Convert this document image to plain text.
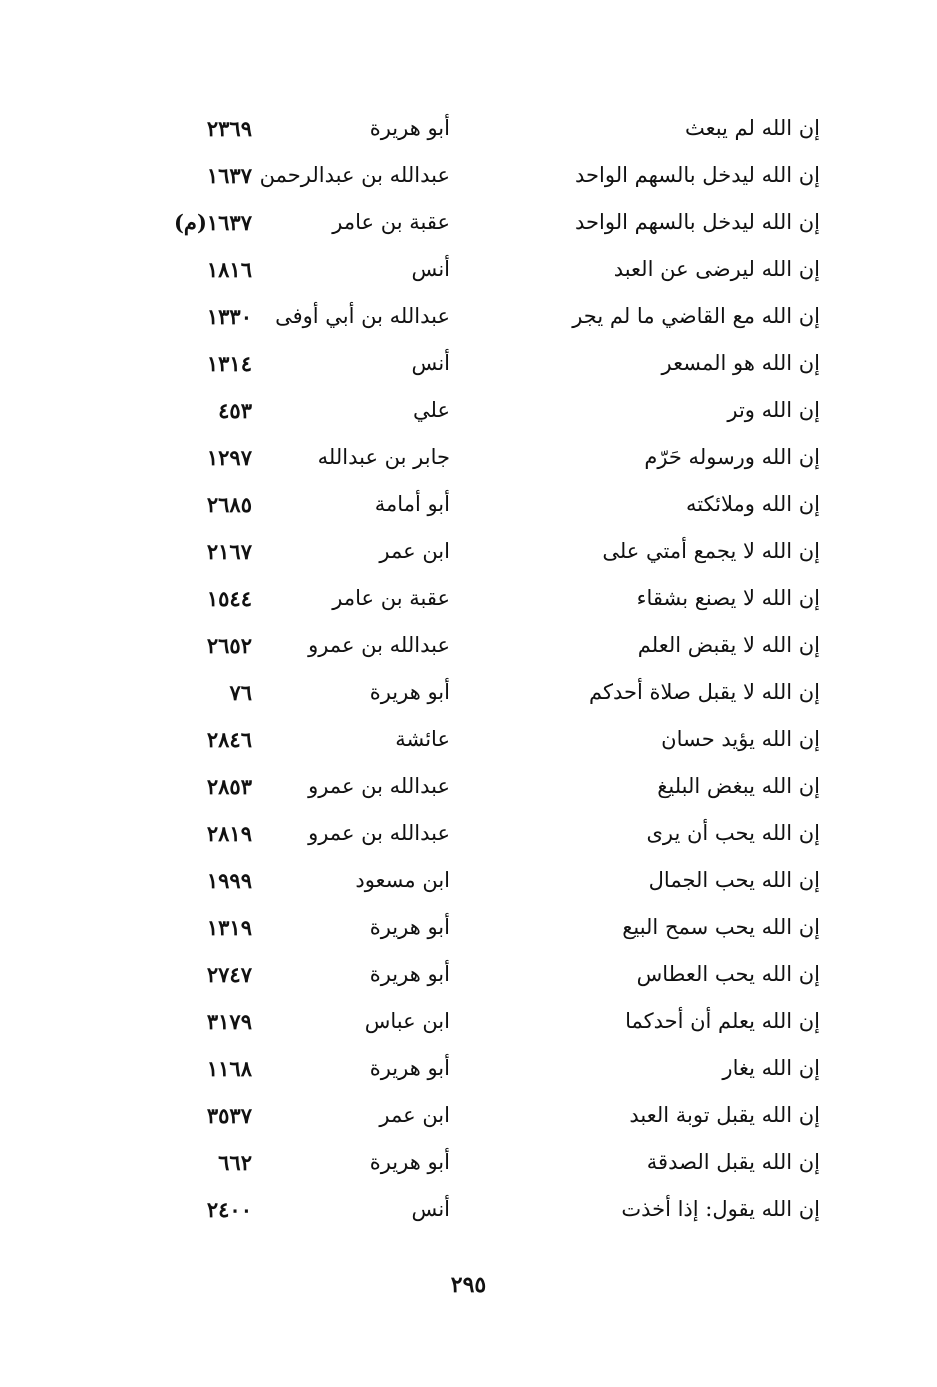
إن الله لم يبعث
أبو هريرة
٢٣٦٩
إن الله ليدخل بالسهم الواحد
عبدالله بن عبدالرحمن
١٦٣٧
إن الله ليدخل بالسهم الواحد
عقبة بن عامر
١٦٣٧(م)
إن الله ليرضى عن العبد
أنس
١٨١٦
إن الله مع القاضي ما لم يجر
عبدالله بن أبي أوفى
١٣٣٠
إن الله هو المسعر
أنس
١٣١٤
إن الله وتر
علي
٤٥٣
إن الله ورسوله حَرّم
جابر بن عبدالله
١٢٩٧
إن الله وملائكته
أبو أمامة
٢٦٨٥
إن الله لا يجمع أمتي على
ابن عمر
٢١٦٧
إن الله لا يصنع بشقاء
عقبة بن عامر
١٥٤٤
إن الله لا يقبض العلم
عبدالله بن عمرو
٢٦٥٢
إن الله لا يقبل صلاة أحدكم
أبو هريرة
٧٦
إن الله يؤيد حسان
عائشة
٢٨٤٦
إن الله يبغض البليغ
عبدالله بن عمرو
٢٨٥٣
إن الله يحب أن يرى
عبدالله بن عمرو
٢٨١٩
إن الله يحب الجمال
ابن مسعود
١٩٩٩
إن الله يحب سمح البيع
أبو هريرة
١٣١٩
إن الله يحب العطاس
أبو هريرة
٢٧٤٧
إن الله يعلم أن أحدكما
ابن عباس
٣١٧٩
إن الله يغار
أبو هريرة
١١٦٨
إن الله يقبل توبة العبد
ابن عمر
٣٥٣٧
إن الله يقبل الصدقة
أبو هريرة
٦٦٢
إن الله يقول: إذا أخذت
أنس
٢٤٠٠
٢٩٥
